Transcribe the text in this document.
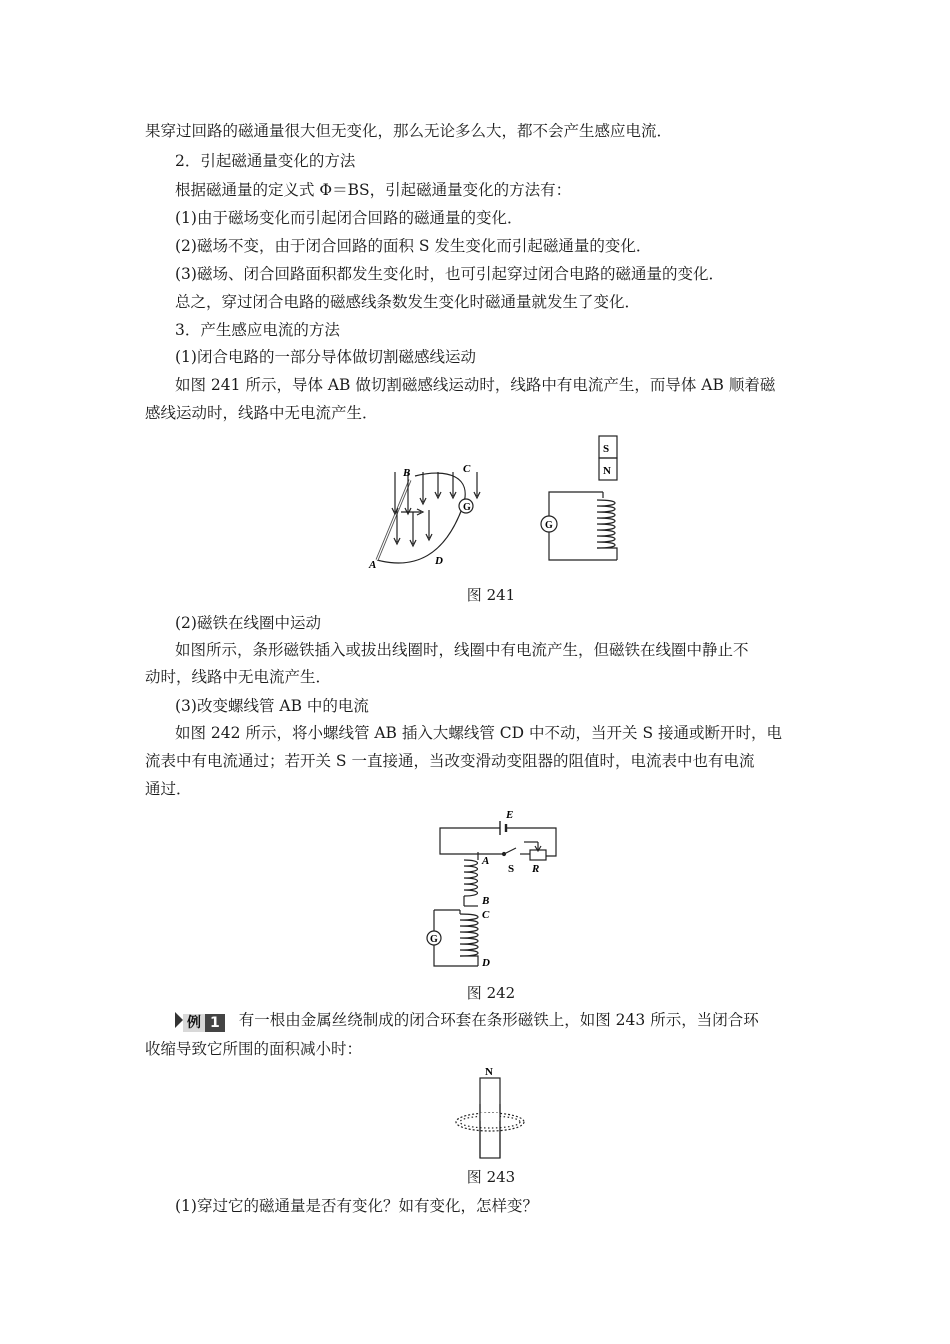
果穿过回路的磁通量很大但无变化，那么无论多么大，都不会产生感应电流．
2．引起磁通量变化的方法
根据磁通量的定义式 Φ＝BS，引起磁通量变化的方法有：
(1)由于磁场变化而引起闭合回路的磁通量的变化．
(2)磁场不变，由于闭合回路的面积 S 发生变化而引起磁通量的变化．
(3)磁场、闭合回路面积都发生变化时，也可引起穿过闭合电路的磁通量的变化．
总之，穿过闭合电路的磁感线条数发生变化时磁通量就发生了变化．
3．产生感应电流的方法
(1)闭合电路的一部分导体做切割磁感线运动
如图 241 所示，导体 AB 做切割磁感线运动时，线路中有电流产生，而导体 AB 顺着磁
感线运动时，线路中无电流产生．
G
A
B	C
D
S
N
G
图 241
(2)磁铁在线圈中运动
如图所示，条形磁铁插入或拔出线圈时，线圈中有电流产生，但磁铁在线圈中静止不
动时，线路中无电流产生．
(3)改变螺线管 AB 中的电流
如图 242 所示，将小螺线管 AB 插入大螺线管 CD 中不动，当开关 S 接通或断开时，电
流表中有电流通过；若开关 S 一直接通，当改变滑动变阻器的阻值时，电流表中也有电流
通过．
E
A
B
C
D
S R
G
图 242
例 1 有一根由金属丝绕制成的闭合环套在条形磁铁上，如图 243 所示，当闭合环
收缩导致它所围的面积减小时：
N
图 243
(1)穿过它的磁通量是否有变化？如有变化，怎样变？
